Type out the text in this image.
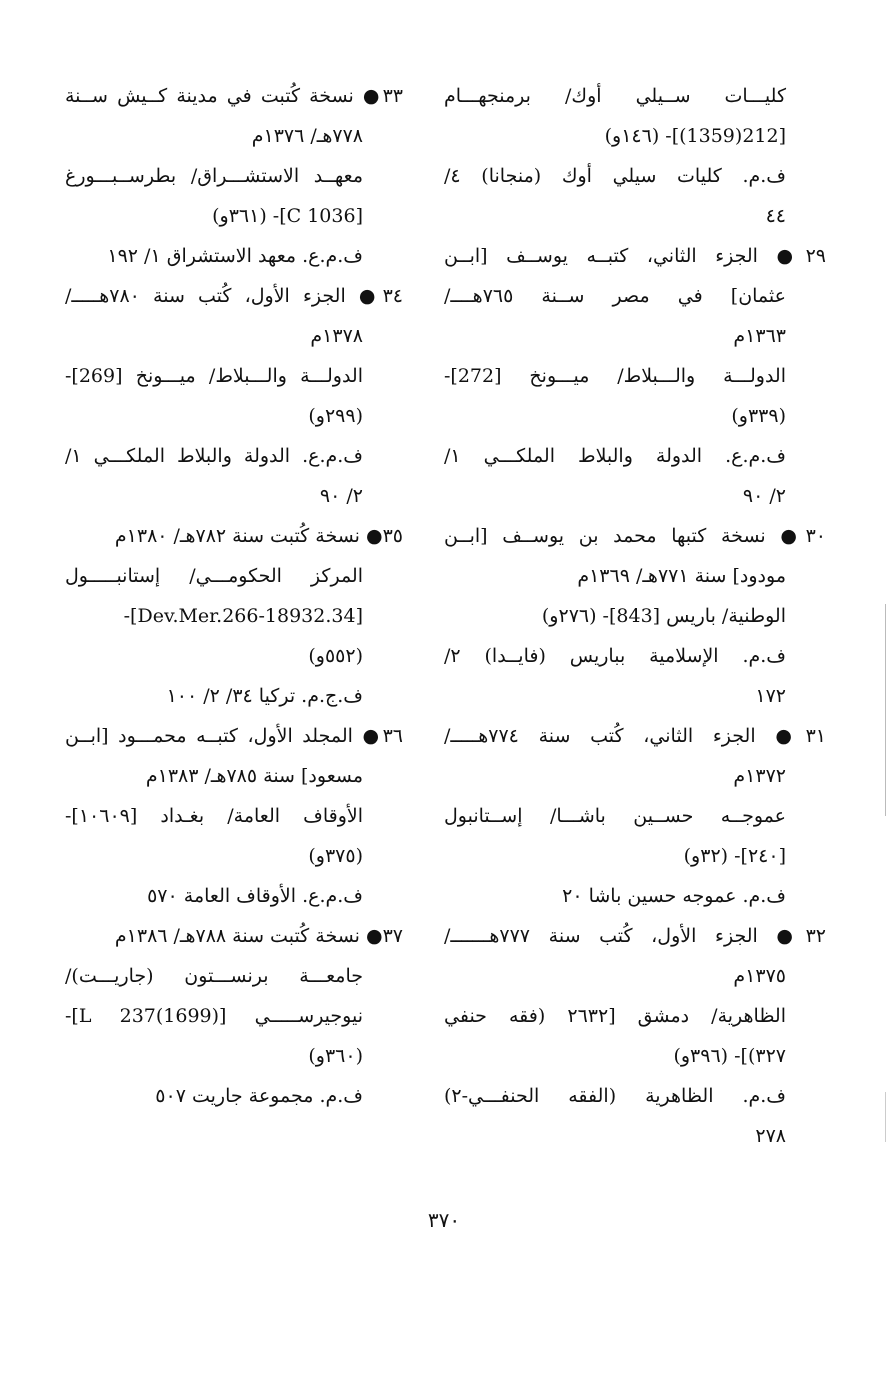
كليـــات ســيلي أوك/ برمنجهـــام
[212(1359)]- (١٤٦و)
ف.م. كليات سيلي أوك (منجانا) ٤/
٤٤
٢٩● الجزء الثاني، كتبــه يوســف [ابــن
عثمان] في مصر ســنة ٧٦٥هــــ/
١٣٦٣م
الدولـــة والـــبلاط/ ميـــونخ [272]-
(٣٣٩و)
ف.م.ع. الدولة والبلاط الملكـــي ١/
٢/ ٩٠
٣٠● نسخة كتبها محمد بن يوســف [ابــن
مودود] سنة ٧٧١هـ/ ١٣٦٩م
الوطنية/ باريس [843]- (٢٧٦و)
ف.م. الإسلامية بباريس (فايــدا) ٢/
١٧٢
٣١● الجزء الثاني، كُتب سنة ٧٧٤هـــــ/
١٣٧٢م
عموجــه حســين باشـــا/ إســتانبول
[٢٤٠]- (٣٢و)
ف.م. عموجه حسين باشا ٢٠
٣٢● الجزء الأول، كُتب سنة ٧٧٧هـــــــ/
١٣٧٥م
الظاهرية/ دمشق [٢٦٣٢ (فقه حنفي
٣٢٧)]- (٣٩٦و)
ف.م. الظاهرية (الفقه الحنفـــي-٢)
٢٧٨
٣٣● نسخة كُتبت في مدينة كــيش ســنة
٧٧٨هـ/ ١٣٧٦م
معهــد الاستشـــراق/ بطرســبـــورغ
[C 1036]- (٣٦١و)
ف.م.ع. معهد الاستشراق ١/ ١٩٢
٣٤● الجزء الأول، كُتب سنة ٧٨٠هـــــ/
١٣٧٨م
الدولـــة والـــبلاط/ ميـــونخ [269]-
(٢٩٩و)
ف.م.ع. الدولة والبلاط الملكـــي ١/
٢/ ٩٠
٣٥● نسخة كُتبت سنة ٧٨٢هـ/ ١٣٨٠م
المركز الحكومـــي/ إستانبـــــول
[34.Dev.Mer.266-18932]-
(٥٥٢و)
ف.ج.م. تركيا ٣٤/ ٢/ ١٠٠
٣٦● المجلد الأول، كتبــه محمـــود [ابــن
مسعود] سنة ٧٨٥هـ/ ١٣٨٣م
الأوقاف العامة/ بغـداد [١٠٦٠٩]-
(٣٧٥و)
ف.م.ع. الأوقاف العامة ٥٧٠
٣٧● نسخة كُتبت سنة ٧٨٨هـ/ ١٣٨٦م
جامعـــة برنســـتون (جاريـــت)/
نيوجيرســـــي [L 237(1699)]-
(٣٦٠و)
ف.م. مجموعة جاريت ٥٠٧
٣٧٠
